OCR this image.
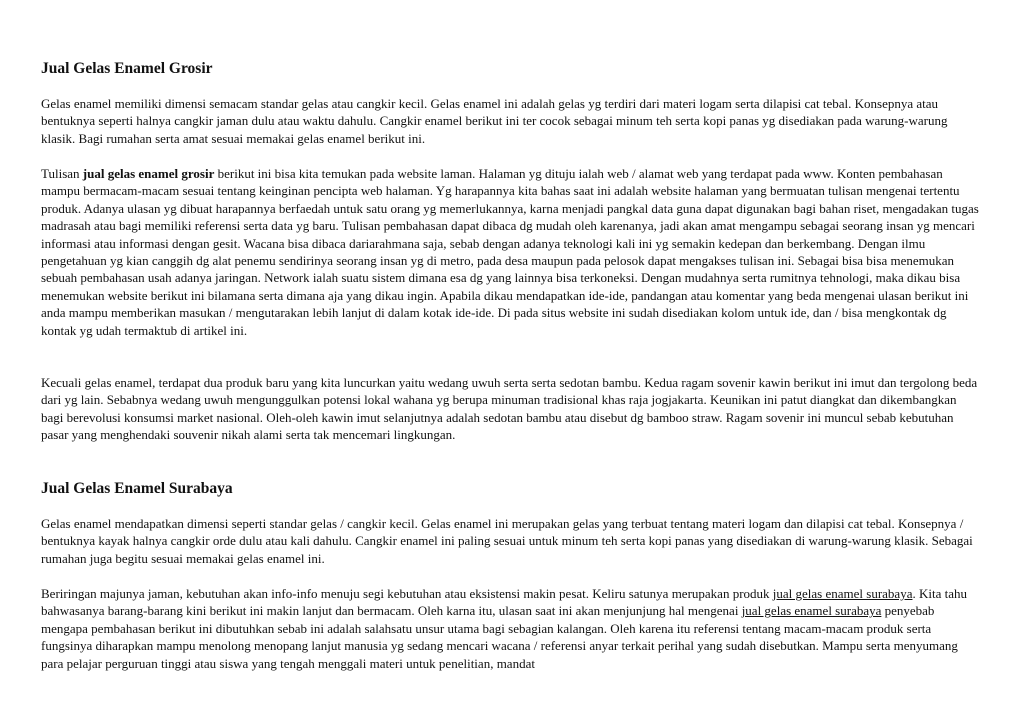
Jual Gelas Enamel Grosir

Gelas enamel memiliki dimensi semacam standar gelas atau cangkir kecil. Gelas enamel ini adalah gelas yg terdiri dari materi logam serta dilapisi cat tebal. Konsepnya atau bentuknya seperti halnya cangkir jaman dulu atau waktu dahulu. Cangkir enamel berikut ini ter cocok sebagai minum teh serta kopi panas yg disediakan pada warung-warung klasik. Bagi rumahan serta amat sesuai memakai gelas enamel berikut ini.

Tulisan jual gelas enamel grosir berikut ini bisa kita temukan pada website laman. Halaman yg dituju ialah web / alamat web yang terdapat pada www. Konten pembahasan mampu bermacam-macam sesuai tentang keinginan pencipta web halaman. Yg harapannya kita bahas saat ini adalah website halaman yang bermuatan tulisan mengenai tertentu produk. Adanya ulasan yg dibuat harapannya berfaedah untuk satu orang yg memerlukannya, karna menjadi pangkal data guna dapat digunakan bagi bahan riset, mengadakan tugas madrasah atau bagi memiliki referensi serta data yg baru. Tulisan pembahasan dapat dibaca dg mudah oleh karenanya, jadi akan amat mengampu sebagai seorang insan yg mencari informasi atau informasi dengan gesit. Wacana bisa dibaca dariarahmana saja, sebab dengan adanya teknologi kali ini yg semakin kedepan dan berkembang. Dengan ilmu pengetahuan yg kian canggih dg alat penemu sendirinya seorang insan yg di metro, pada desa maupun pada pelosok dapat mengakses tulisan ini. Sebagai bisa bisa menemukan sebuah pembahasan usah adanya jaringan. Network ialah suatu sistem dimana esa dg yang lainnya bisa terkoneksi. Dengan mudahnya serta rumitnya tehnologi, maka dikau bisa menemukan website berikut ini bilamana serta dimana aja yang dikau ingin. Apabila dikau mendapatkan ide-ide, pandangan atau komentar yang beda mengenai ulasan berikut ini anda mampu memberikan masukan / mengutarakan lebih lanjut di dalam kotak ide-ide. Di pada situs website ini sudah disediakan kolom untuk ide, dan / bisa mengkontak dg kontak yg udah termaktub di artikel ini.

Kecuali gelas enamel, terdapat dua produk baru yang kita luncurkan yaitu wedang uwuh serta serta sedotan bambu. Kedua ragam sovenir kawin berikut ini imut dan tergolong beda dari yg lain. Sebabnya wedang uwuh mengunggulkan potensi lokal wahana yg berupa minuman tradisional khas raja jogjakarta. Keunikan ini patut diangkat dan dikembangkan bagi berevolusi konsumsi market nasional. Oleh-oleh kawin imut selanjutnya adalah sedotan bambu atau disebut dg bamboo straw. Ragam sovenir ini muncul sebab kebutuhan pasar yang menghendaki souvenir nikah alami serta tak mencemari lingkungan.

Jual Gelas Enamel Surabaya

Gelas enamel mendapatkan dimensi seperti standar gelas / cangkir kecil. Gelas enamel ini merupakan gelas yang terbuat tentang materi logam dan dilapisi cat tebal. Konsepnya / bentuknya kayak halnya cangkir orde dulu atau kali dahulu. Cangkir enamel ini paling sesuai untuk minum teh serta kopi panas yang disediakan di warung-warung klasik. Sebagai rumahan juga begitu sesuai memakai gelas enamel ini.

Beriringan majunya jaman, kebutuhan akan info-info menuju segi kebutuhan atau eksistensi makin pesat. Keliru satunya merupakan produk jual gelas enamel surabaya. Kita tahu bahwasanya barang-barang kini berikut ini makin lanjut dan bermacam. Oleh karna itu, ulasan saat ini akan menjunjung hal mengenai jual gelas enamel surabaya penyebab mengapa pembahasan berikut ini dibutuhkan sebab ini adalah salahsatu unsur utama bagi sebagian kalangan. Oleh karena itu referensi tentang macam-macam produk serta fungsinya diharapkan mampu menolong menopang lanjut manusia yg sedang mencari wacana / referensi anyar terkait perihal yang sudah disebutkan. Mampu serta menyumang para pelajar perguruan tinggi atau siswa yang tengah menggali materi untuk penelitian, mandat
